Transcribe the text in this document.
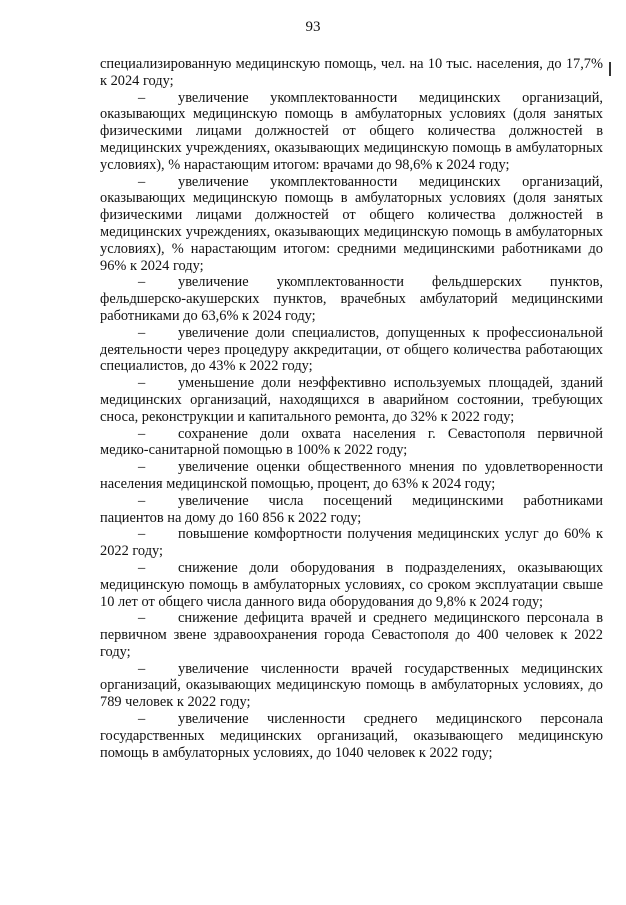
93

специализированную медицинскую помощь, чел. на 10 тыс. населения, до 17,7% к 2024 году;

– увеличение укомплектованности медицинских организаций, оказывающих медицинскую помощь в амбулаторных условиях (доля занятых физическими лицами должностей от общего количества должностей в медицинских учреждениях, оказывающих медицинскую помощь в амбулаторных условиях), % нарастающим итогом: врачами до 98,6% к 2024 году;

– увеличение укомплектованности медицинских организаций, оказывающих медицинскую помощь в амбулаторных условиях (доля занятых физическими лицами должностей от общего количества должностей в медицинских учреждениях, оказывающих медицинскую помощь в амбулаторных условиях), % нарастающим итогом: средними медицинскими работниками до 96% к 2024 году;

– увеличение укомплектованности фельдшерских пунктов, фельдшерско-акушерских пунктов, врачебных амбулаторий медицинскими работниками до 63,6% к 2024 году;

– увеличение доли специалистов, допущенных к профессиональной деятельности через процедуру аккредитации, от общего количества работающих специалистов, до 43% к 2022 году;

– уменьшение доли неэффективно используемых площадей, зданий медицинских организаций, находящихся в аварийном состоянии, требующих сноса, реконструкции и капитального ремонта, до 32% к 2022 году;

– сохранение доли охвата населения г. Севастополя первичной медико-санитарной помощью в 100% к 2022 году;

– увеличение оценки общественного мнения по удовлетворенности населения медицинской помощью, процент, до 63% к 2024 году;

– увеличение числа посещений медицинскими работниками пациентов на дому до 160 856 к 2022 году;

– повышение комфортности получения медицинских услуг до 60% к 2022 году;

– снижение доли оборудования в подразделениях, оказывающих медицинскую помощь в амбулаторных условиях, со сроком эксплуатации свыше 10 лет от общего числа данного вида оборудования до 9,8% к 2024 году;

– снижение дефицита врачей и среднего медицинского персонала в первичном звене здравоохранения города Севастополя до 400 человек к 2022 году;

– увеличение численности врачей государственных медицинских организаций, оказывающих медицинскую помощь в амбулаторных условиях, до 789 человек к 2022 году;

– увеличение численности среднего медицинского персонала государственных медицинских организаций, оказывающего медицинскую помощь в амбулаторных условиях, до 1040 человек к 2022 году;
